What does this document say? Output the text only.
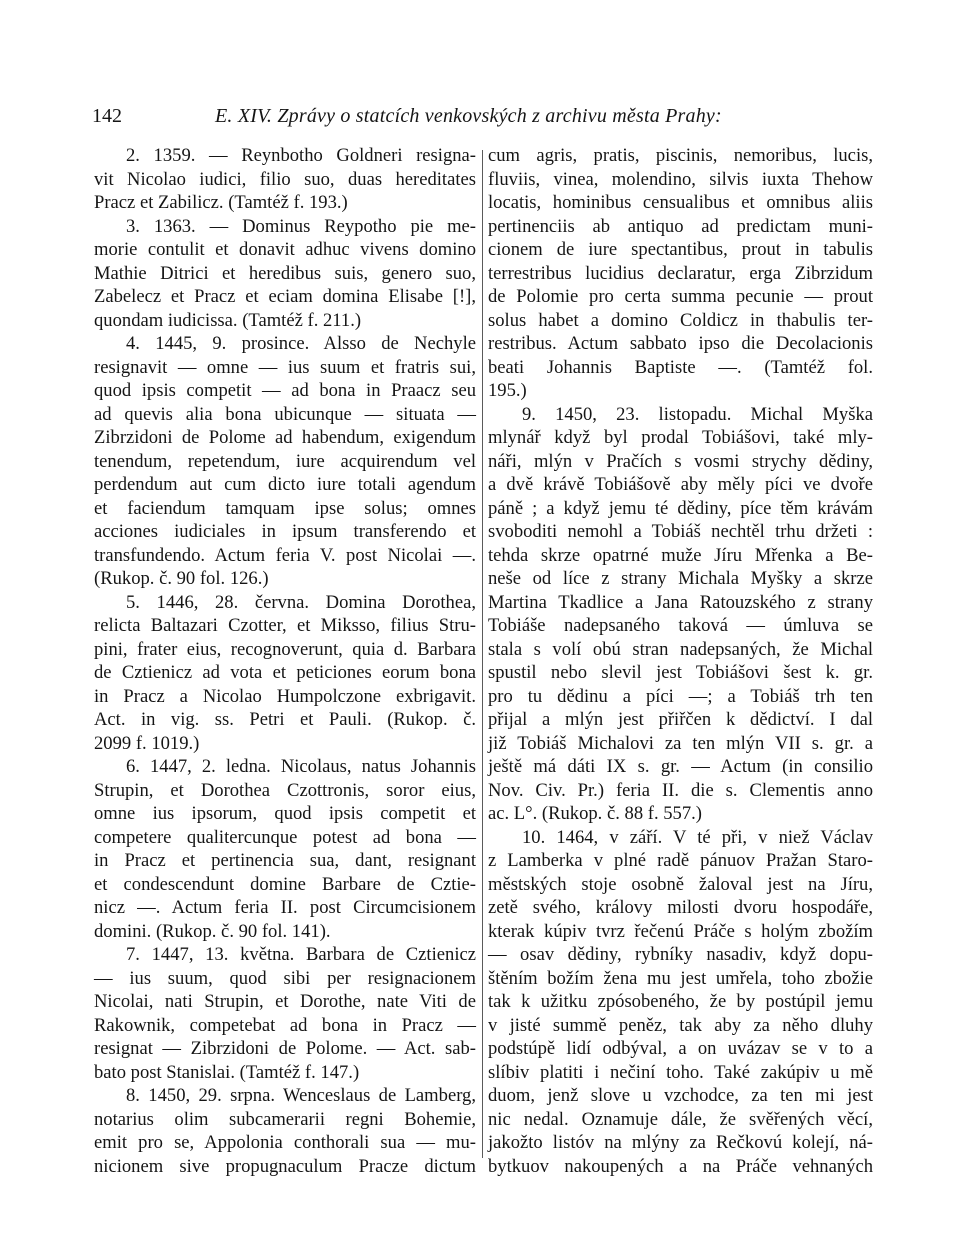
142	E. XIV. Zprávy o statcích venkovských z archivu města Prahy:
2. 1359. — Reynbotho Goldneri resigna-
vit Nicolao iudici, filio suo, duas hereditates
Pracz et Zabilicz. (Tamtéž f. 193.)
3. 1363. — Dominus Reypotho pie me-
morie contulit et donavit adhuc vivens domino
Mathie Ditrici et heredibus suis, genero suo,
Zabelecz et Pracz et eciam domina Elisabe [!],
quondam iudicissa. (Tamtéž f. 211.)
4. 1445, 9. prosince. Alsso de Nechyle
resignavit — omne — ius suum et fratris sui,
quod ipsis competit — ad bona in Praacz seu
ad quevis alia bona ubicunque — situata —
Zibrzidoni de Polome ad habendum, exigendum
tenendum, repetendum, iure acquirendum vel
perdendum aut cum dicto iure totali agendum
et faciendum tamquam ipse solus; omnes
acciones iudiciales in ipsum transferendo et
transfundendo. Actum feria V. post Nicolai —.
(Rukop. č. 90 fol. 126.)
5. 1446, 28. června. Domina Dorothea,
relicta Baltazari Czotter, et Miksso, filius Stru-
pini, frater eius, recognoverunt, quia d. Barbara
de Cztienicz ad vota et peticiones eorum bona
in Pracz a Nicolao Humpolczone exbrigavit.
Act. in vig. ss. Petri et Pauli. (Rukop. č.
2099 f. 1019.)
6. 1447, 2. ledna. Nicolaus, natus Johannis
Strupin, et Dorothea Czottronis, soror eius,
omne ius ipsorum, quod ipsis competit et
competere qualitercunque potest ad bona —
in Pracz et pertinencia sua, dant, resignant
et condescendunt domine Barbare de Cztie-
nicz —. Actum feria II. post Circumcisionem
domini. (Rukop. č. 90 fol. 141).
7. 1447, 13. května. Barbara de Cztienicz
— ius suum, quod sibi per resignacionem
Nicolai, nati Strupin, et Dorothe, nate Viti de
Rakownik, competebat ad bona in Pracz —
resignat — Zibrzidoni de Polome. — Act. sab-
bato post Stanislai. (Tamtéž f. 147.)
8. 1450, 29. srpna. Wenceslaus de Lamberg,
notarius olim subcamerarii regni Bohemie,
emit pro se, Appolonia conthorali sua — mu-
nicionem sive propugnaculum Pracze dictum
cum agris, pratis, piscinis, nemoribus, lucis,
fluviis, vinea, molendino, silvis iuxta Thehow
locatis, hominibus censualibus et omnibus aliis
pertinenciis ab antiquo ad predictam muni-
cionem de iure spectantibus, prout in tabulis
terrestribus lucidius declaratur, erga Zibrzidum
de Polomie pro certa summa pecunie — prout
solus habet a domino Coldicz in thabulis ter-
restribus. Actum sabbato ipso die Decolacionis
beati Johannis Baptiste —. (Tamtéž fol.
195.)
9. 1450, 23. listopadu. Michal Myška
mlynář když byl prodal Tobiášovi, také mly-
náři, mlýn v Pračích s vosmi strychy dědiny,
a dvě krávě Tobiášově aby měly píci ve dvoře
páně ; a když jemu té dědiny, píce těm krávám
svoboditi nemohl a Tobiáš nechtěl trhu držeti :
tehda skrze opatrné muže Jíru Mřenka a Be-
neše od líce z strany Michala Myšky a skrze
Martina Tkadlice a Jana Ratouzského z strany
Tobiáše nadepsaného taková — úmluva se
stala s volí obú stran nadepsaných, že Michal
spustil nebo slevil jest Tobiášovi šest k. gr.
pro tu dědinu a píci —; a Tobiáš trh ten
přijal a mlýn jest přiřčen k dědictví. I dal
již Tobiáš Michalovi za ten mlýn VII s. gr. a
ještě má dáti IX s. gr. — Actum (in consilio
Nov. Civ. Pr.) feria II. die s. Clementis anno
ac. L°. (Rukop. č. 88 f. 557.)
10. 1464, v září. V té při, v niež Václav
z Lamberka v plné radě pánuov Pražan Staro-
městských stoje osobně žaloval jest na Jíru,
zetě svého, královy milosti dvoru hospodáře,
kterak kúpiv tvrz řečenú Práče s holým zbožím
— osav dědiny, rybníky nasadiv, když dopu-
štěním božím žena mu jest umřela, toho zbožie
tak k užitku zpósobeného, že by postúpil jemu
v jisté summě peněz, tak aby za něho dluhy
podstúpě lidí odbýval, a on uvázav se v to a
slíbiv platiti i nečiní toho. Také zakúpiv u mě
duom, jenž slove u vzchodce, za ten mi jest
nic nedal. Oznamuje dále, že svěřených věcí,
jakožto listóv na mlýny za Rečkovú kolejí, ná-
bytkuov nakoupených a na Práče vehnaných
